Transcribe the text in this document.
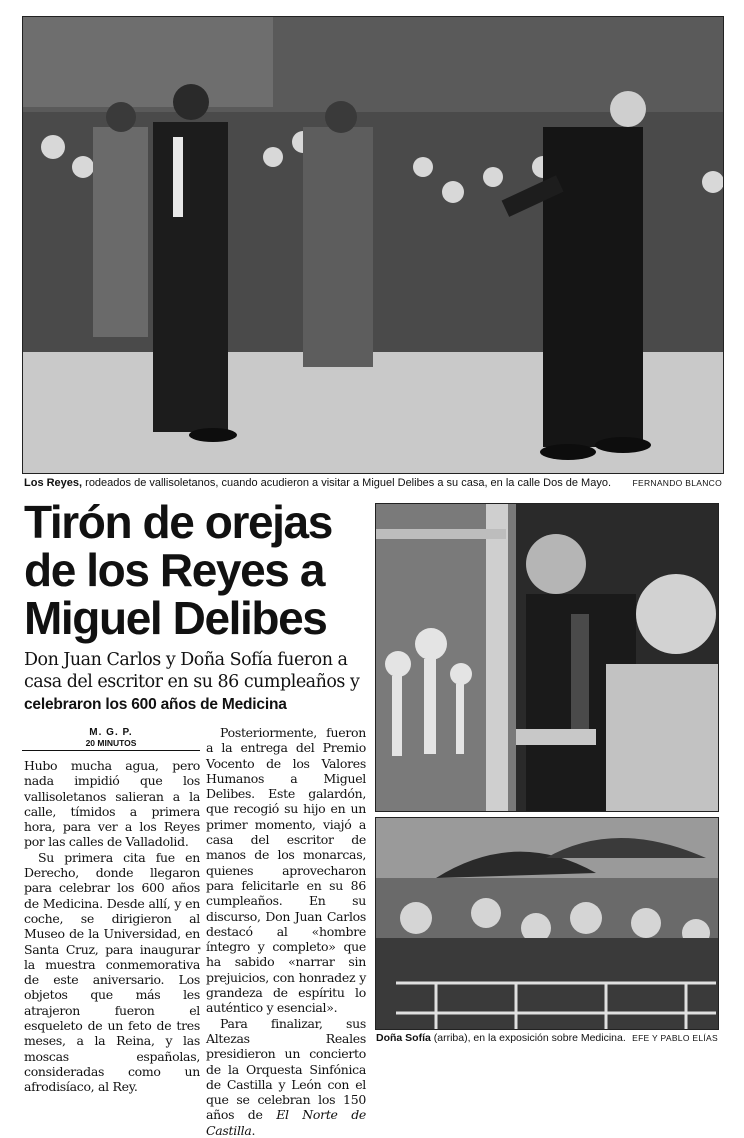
Los Reyes, rodeados de vallisoletanos, cuando acudieron a visitar a Miguel Delibes a su casa, en la calle Dos de Mayo.	FERNANDO BLANCO
Tirón de orejas
de los Reyes a
Miguel Delibes
Don Juan Carlos y Doña Sofía fueron a casa del escritor en su 86 cumpleaños y celebraron los 600 años de Medicina
M. G. P.
20 MINUTOS

Hubo mucha agua, pero nada impidió que los vallisoletanos salieran a la calle, tímidos a primera hora, para ver a los Reyes por las calles de Valladolid.

Su primera cita fue en Derecho, donde llegaron para celebrar los 600 años de Medicina. Desde allí, y en coche, se dirigieron al Museo de la Universidad, en Santa Cruz, para inaugurar la muestra conmemorativa de este aniversario. Los objetos que más les atrajeron fueron el esqueleto de un feto de tres meses, a la Reina, y las moscas españolas, consideradas como un afrodisíaco, al Rey.

Posteriormente, fueron a la entrega del Premio Vocento de los Valores Humanos a Miguel Delibes. Este galardón, que recogió su hijo en un primer momento, viajó a casa del escritor de manos de los monarcas, quienes aprovecharon para felicitarle en su 86 cumpleaños. En su discurso, Don Juan Carlos destacó al «hombre íntegro y completo» que ha sabido «narrar sin prejuicios, con honradez y grandeza de espíritu lo auténtico y esencial».

Para finalizar, sus Altezas Reales presidieron un concierto de la Orquesta Sinfónica de Castilla y León con el que se celebran los 150 años de El Norte de Castilla.

Doña Sofía (arriba), en la exposición sobre Medicina. EFE Y PABLO ELÍAS
